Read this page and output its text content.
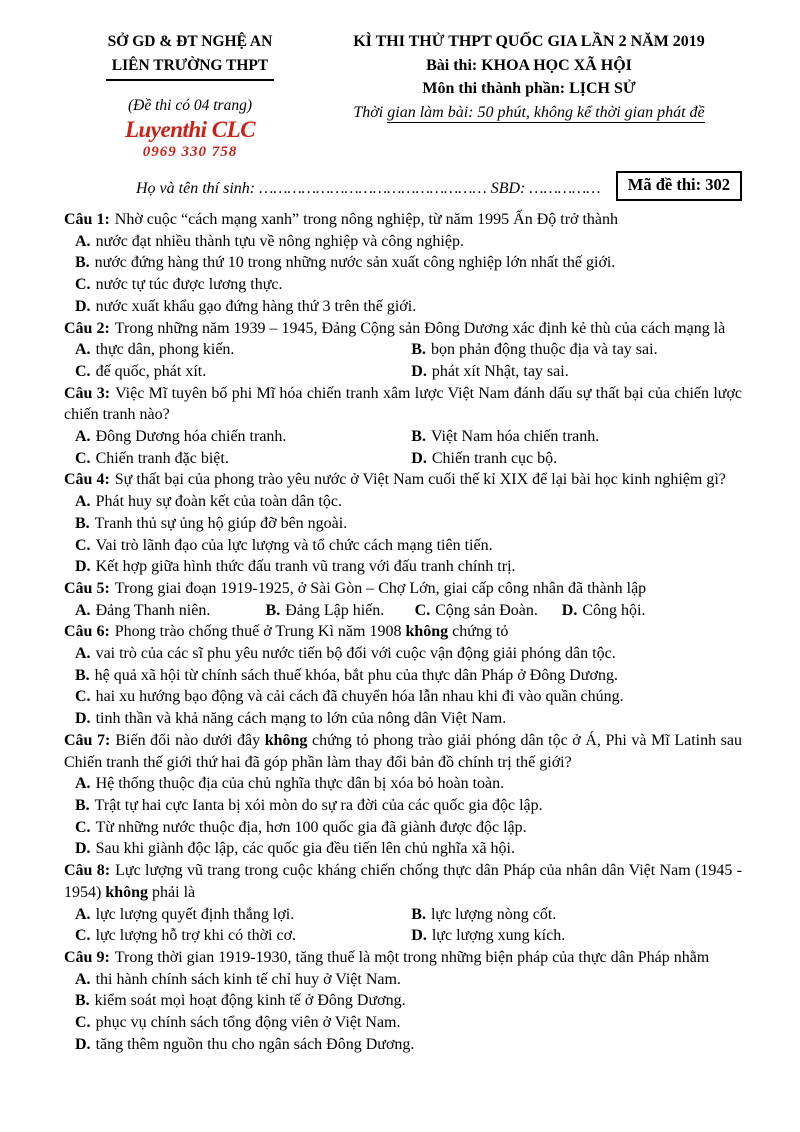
SỞ GD & ĐT NGHỆ AN
LIÊN TRƯỜNG THPT
(Đề thi có 04 trang)
Luyenthi CLC
0969 330 758
KÌ THI THỬ THPT QUỐC GIA LẦN 2 NĂM 2019
Bài thi: KHOA HỌC XÃ HỘI
Môn thi thành phần: LỊCH SỬ
Thời gian làm bài: 50 phút, không kể thời gian phát đề
Mã đề thi: 302
Họ và tên thí sinh: ………………………………………… SBD: ……………

Câu 1: Nhờ cuộc “cách mạng xanh” trong nông nghiệp, từ năm 1995 Ấn Độ trở thành

A. nước đạt nhiều thành tựu về nông nghiệp và công nghiệp.
B. nước đứng hàng thứ 10 trong những nước sản xuất công nghiệp lớn nhất thế giới.
C. nước tự túc được lương thực.
D. nước xuất khẩu gạo đứng hàng thứ 3 trên thế giới.

Câu 2: Trong những năm 1939 – 1945, Đảng Cộng sản Đông Dương xác định kẻ thù của cách mạng là

A. thực dân, phong kiến.	B. bọn phản động thuộc địa và tay sai.
C. đế quốc, phát xít.	D. phát xít Nhật, tay sai.

Câu 3: Việc Mĩ tuyên bố phi Mĩ hóa chiến tranh xâm lược Việt Nam đánh dấu sự thất bại của chiến lược chiến tranh nào?

A. Đông Dương hóa chiến tranh.	B. Việt Nam hóa chiến tranh.
C. Chiến tranh đặc biệt.	D. Chiến tranh cục bộ.

Câu 4: Sự thất bại của phong trào yêu nước ở Việt Nam cuối thế kỉ XIX để lại bài học kinh nghiệm gì?

A. Phát huy sự đoàn kết của toàn dân tộc.
B. Tranh thủ sự ủng hộ giúp đỡ bên ngoài.
C. Vai trò lãnh đạo của lực lượng và tổ chức cách mạng tiên tiến.
D. Kết hợp giữa hình thức đấu tranh vũ trang với đấu tranh chính trị.

Câu 5: Trong giai đoạn 1919-1925, ở Sài Gòn – Chợ Lớn, giai cấp công nhân đã thành lập

A. Đảng Thanh niên.	B. Đảng Lập hiến.	C. Cộng sản Đoàn.	D. Công hội.

Câu 6: Phong trào chống thuế ở Trung Kì năm 1908 không chứng tỏ

A. vai trò của các sĩ phu yêu nước tiến bộ đối với cuộc vận động giải phóng dân tộc.
B. hệ quả xã hội từ chính sách thuế khóa, bắt phu của thực dân Pháp ở Đông Dương.
C. hai xu hướng bạo động và cải cách đã chuyển hóa lẫn nhau khi đi vào quần chúng.
D. tinh thần và khả năng cách mạng to lớn của nông dân Việt Nam.

Câu 7: Biến đổi nào dưới đây không chứng tỏ phong trào giải phóng dân tộc ở Á, Phi và Mĩ Latinh sau Chiến tranh thế giới thứ hai đã góp phần làm thay đổi bản đồ chính trị thế giới?

A. Hệ thống thuộc địa của chủ nghĩa thực dân bị xóa bỏ hoàn toàn.
B. Trật tự hai cực Ianta bị xói mòn do sự ra đời của các quốc gia độc lập.
C. Từ những nước thuộc địa, hơn 100 quốc gia đã giành được độc lập.
D. Sau khi giành độc lập, các quốc gia đều tiến lên chủ nghĩa xã hội.

Câu 8: Lực lượng vũ trang trong cuộc kháng chiến chống thực dân Pháp của nhân dân Việt Nam (1945 - 1954) không phải là

A. lực lượng quyết định thắng lợi.	B. lực lượng nòng cốt.
C. lực lượng hỗ trợ khi có thời cơ.	D. lực lượng xung kích.

Câu 9: Trong thời gian 1919-1930, tăng thuế là một trong những biện pháp của thực dân Pháp nhằm

A. thi hành chính sách kinh tế chỉ huy ở Việt Nam.
B. kiểm soát mọi hoạt động kinh tế ở Đông Dương.
C. phục vụ chính sách tổng động viên ở Việt Nam.
D. tăng thêm nguồn thu cho ngân sách Đông Dương.
